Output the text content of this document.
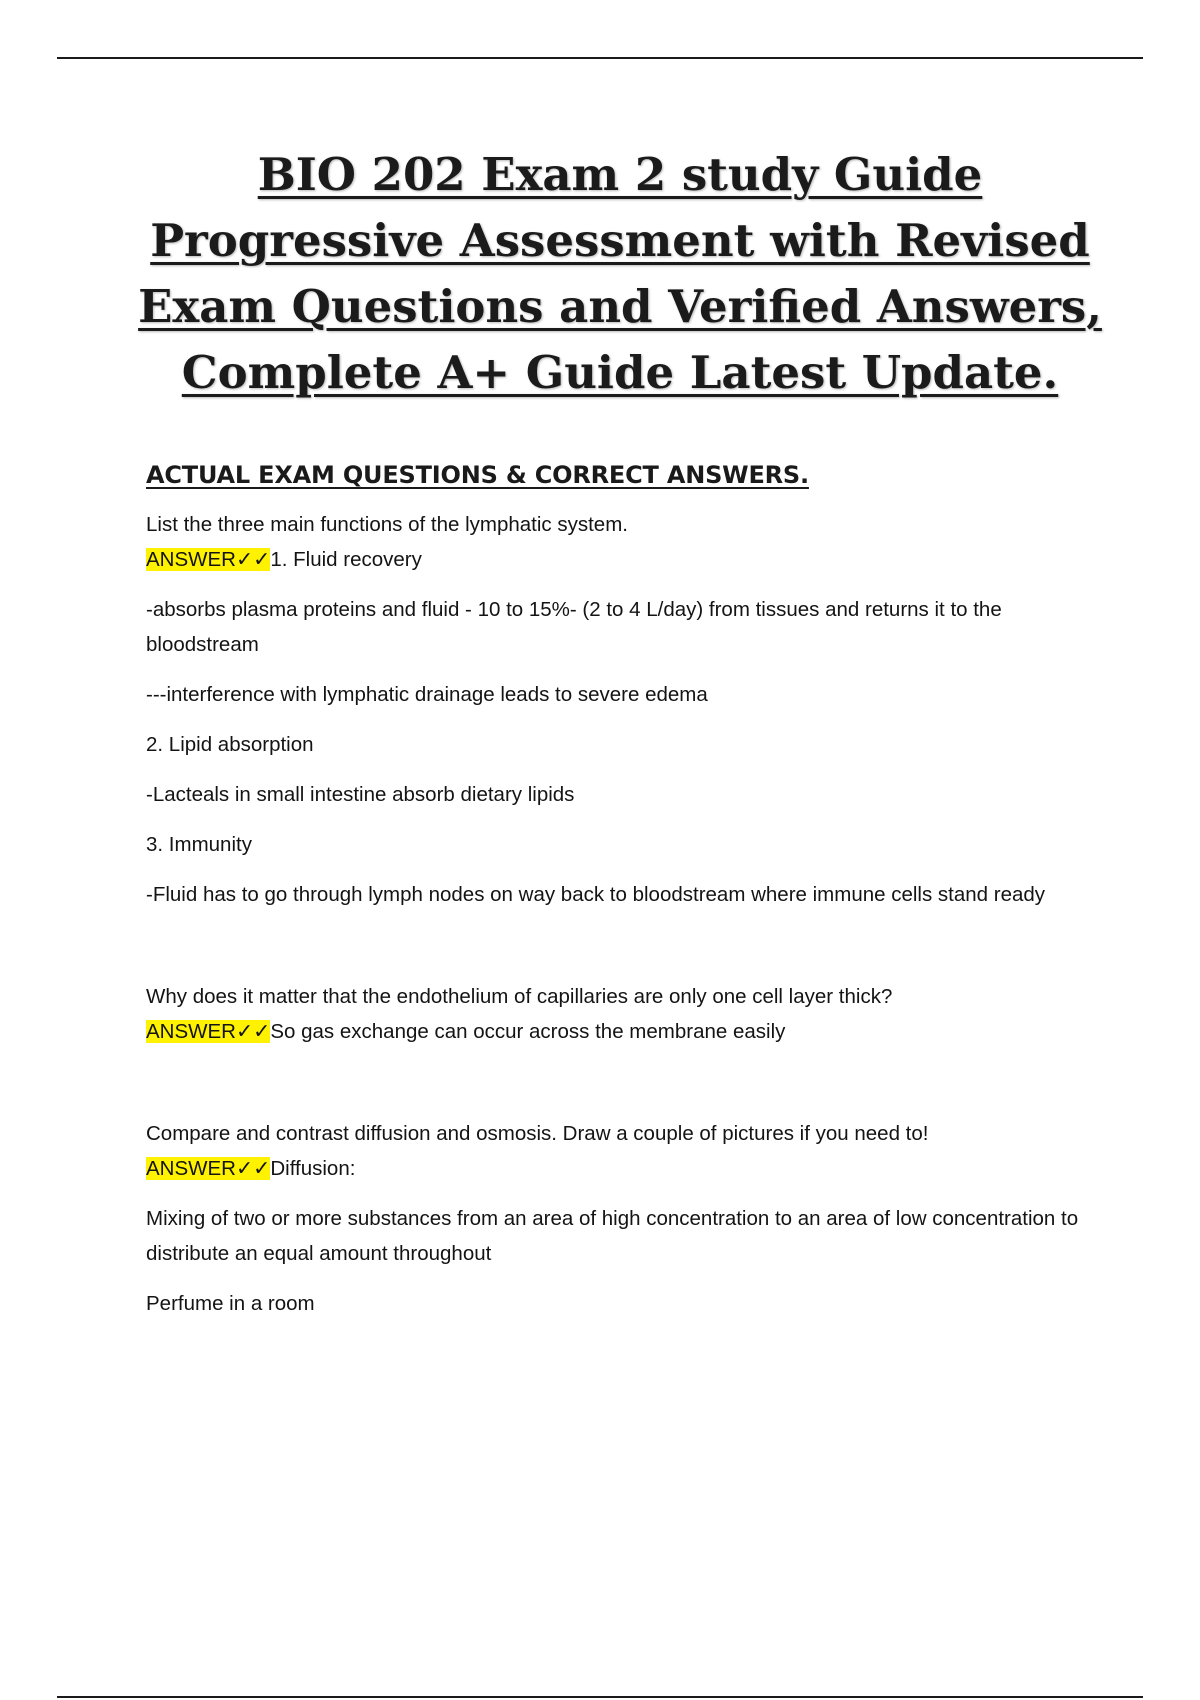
BIO 202 Exam 2 study Guide
Progressive Assessment with Revised
Exam Questions and Verified Answers,
Complete A+ Guide Latest Update.
ACTUAL EXAM QUESTIONS & CORRECT ANSWERS.

List the three main functions of the lymphatic system.

ANSWER✓✓1. Fluid recovery

-absorbs plasma proteins and fluid - 10 to 15%- (2 to 4 L/day) from tissues and returns it to the bloodstream

---interference with lymphatic drainage leads to severe edema

2. Lipid absorption

-Lacteals in small intestine absorb dietary lipids

3. Immunity

-Fluid has to go through lymph nodes on way back to bloodstream where immune cells stand ready

Why does it matter that the endothelium of capillaries are only one cell layer thick?

ANSWER✓✓So gas exchange can occur across the membrane easily

Compare and contrast diffusion and osmosis. Draw a couple of pictures if you need to!

ANSWER✓✓Diffusion:

Mixing of two or more substances from an area of high concentration to an area of low concentration to distribute an equal amount throughout

Perfume in a room
